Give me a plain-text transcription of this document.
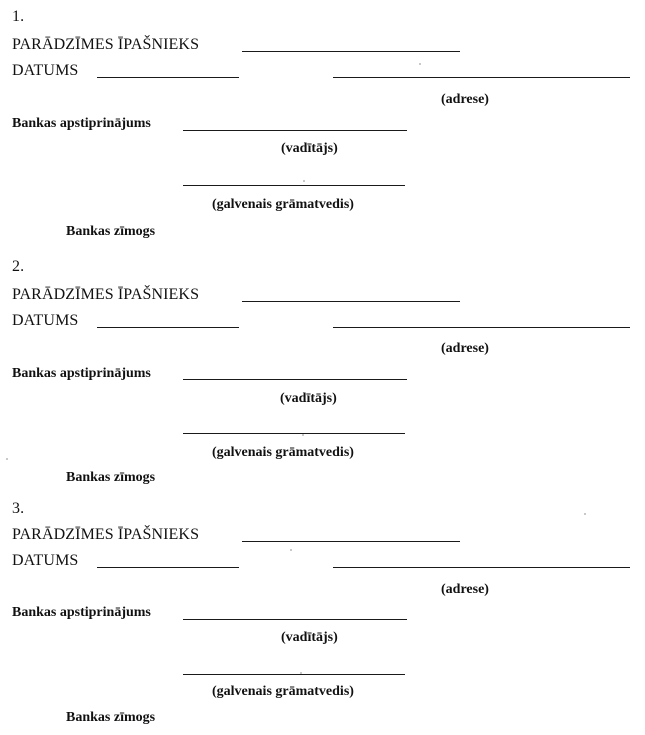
1.
PARĀDZĪMES ĪPAŠNIEKS
DATUMS
(adrese)
Bankas apstiprinājums
(vadītājs)
(galvenais grāmatvedis)
Bankas zīmogs
2.
PARĀDZĪMES ĪPAŠNIEKS
DATUMS
(adrese)
Bankas apstiprinājums
(vadītājs)
(galvenais grāmatvedis)
Bankas zīmogs
3.
PARĀDZĪMES ĪPAŠNIEKS
DATUMS
(adrese)
Bankas apstiprinājums
(vadītājs)
(galvenais grāmatvedis)
Bankas zīmogs
